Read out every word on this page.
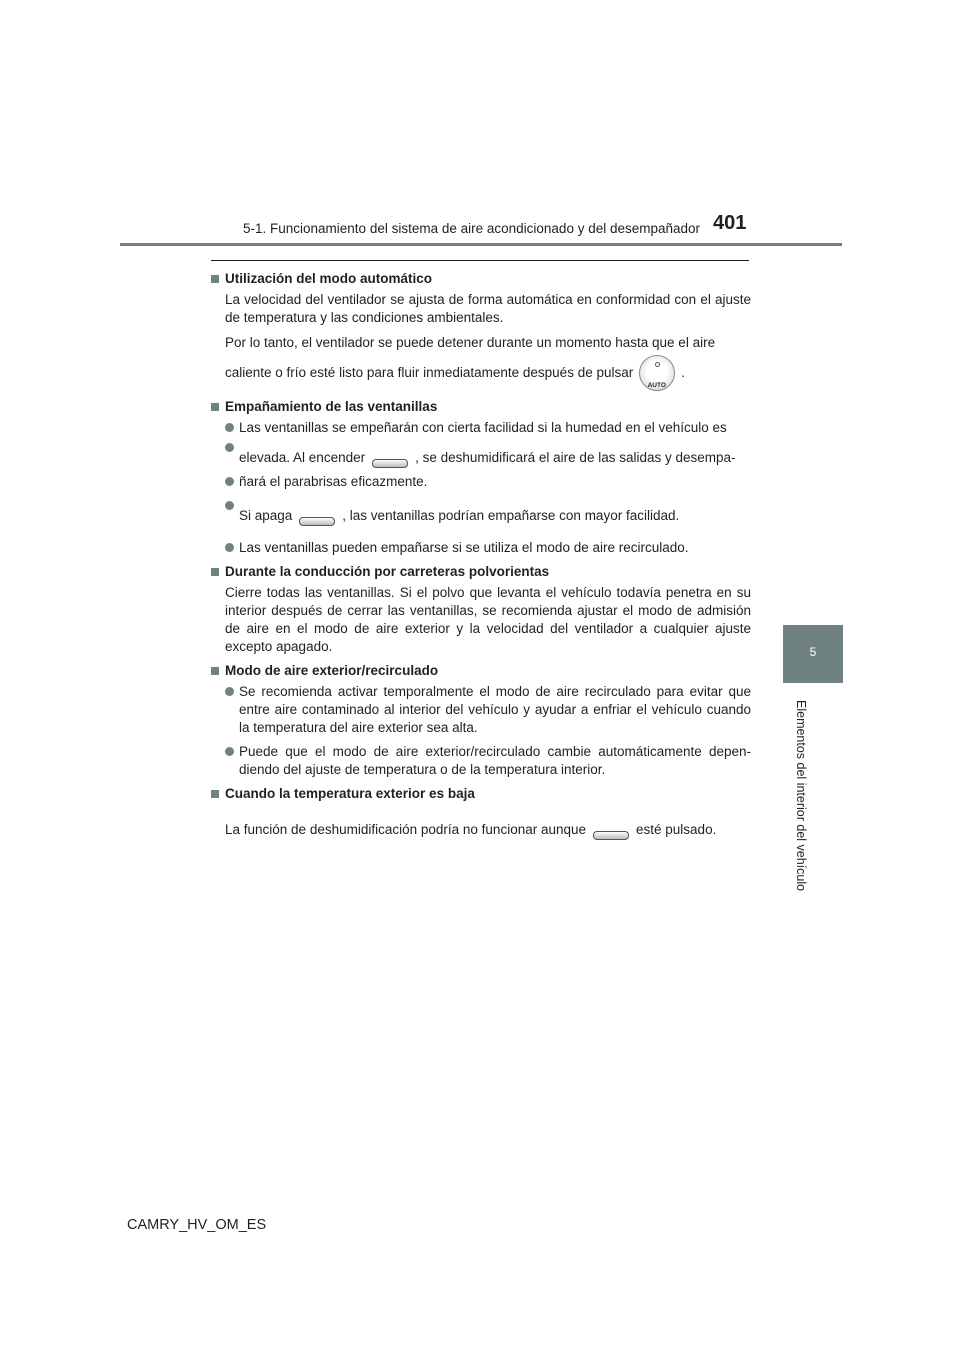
5-1. Funcionamiento del sistema de aire acondicionado y del desempañador 401
5
Elementos del interior del vehículo

Utilización del modo automático

La velocidad del ventilador se ajusta de forma automática en conformidad con el ajuste de temperatura y las condiciones ambientales.

Por lo tanto, el ventilador se puede detener durante un momento hasta que el aire

caliente o frío esté listo para fluir inmediatamente después de pulsar
AUTO
.

Empañamiento de las ventanillas

Las ventanillas se empeñarán con cierta facilidad si la humedad en el vehículo es

elevada. Al encender	, se deshumidificará el aire de las salidas y desempa-

ñará el parabrisas eficazmente.

Si apaga	, las ventanillas podrían empañarse con mayor facilidad.

Las ventanillas pueden empañarse si se utiliza el modo de aire recirculado.

Durante la conducción por carreteras polvorientas

Cierre todas las ventanillas. Si el polvo que levanta el vehículo todavía penetra en su interior después de cerrar las ventanillas, se recomienda ajustar el modo de admisión de aire en el modo de aire exterior y la velocidad del ventilador a cualquier ajuste excepto apagado.

Modo de aire exterior/recirculado

Se recomienda activar temporalmente el modo de aire recirculado para evitar que entre aire contaminado al interior del vehículo y ayudar a enfriar el vehículo cuando la temperatura del aire exterior sea alta.

Puede que el modo de aire exterior/recirculado cambie automáticamente depen-diendo del ajuste de temperatura o de la temperatura interior.

Cuando la temperatura exterior es baja

La función de deshumidificación podría no funcionar aunque	esté pulsado.

CAMRY_HV_OM_ES
